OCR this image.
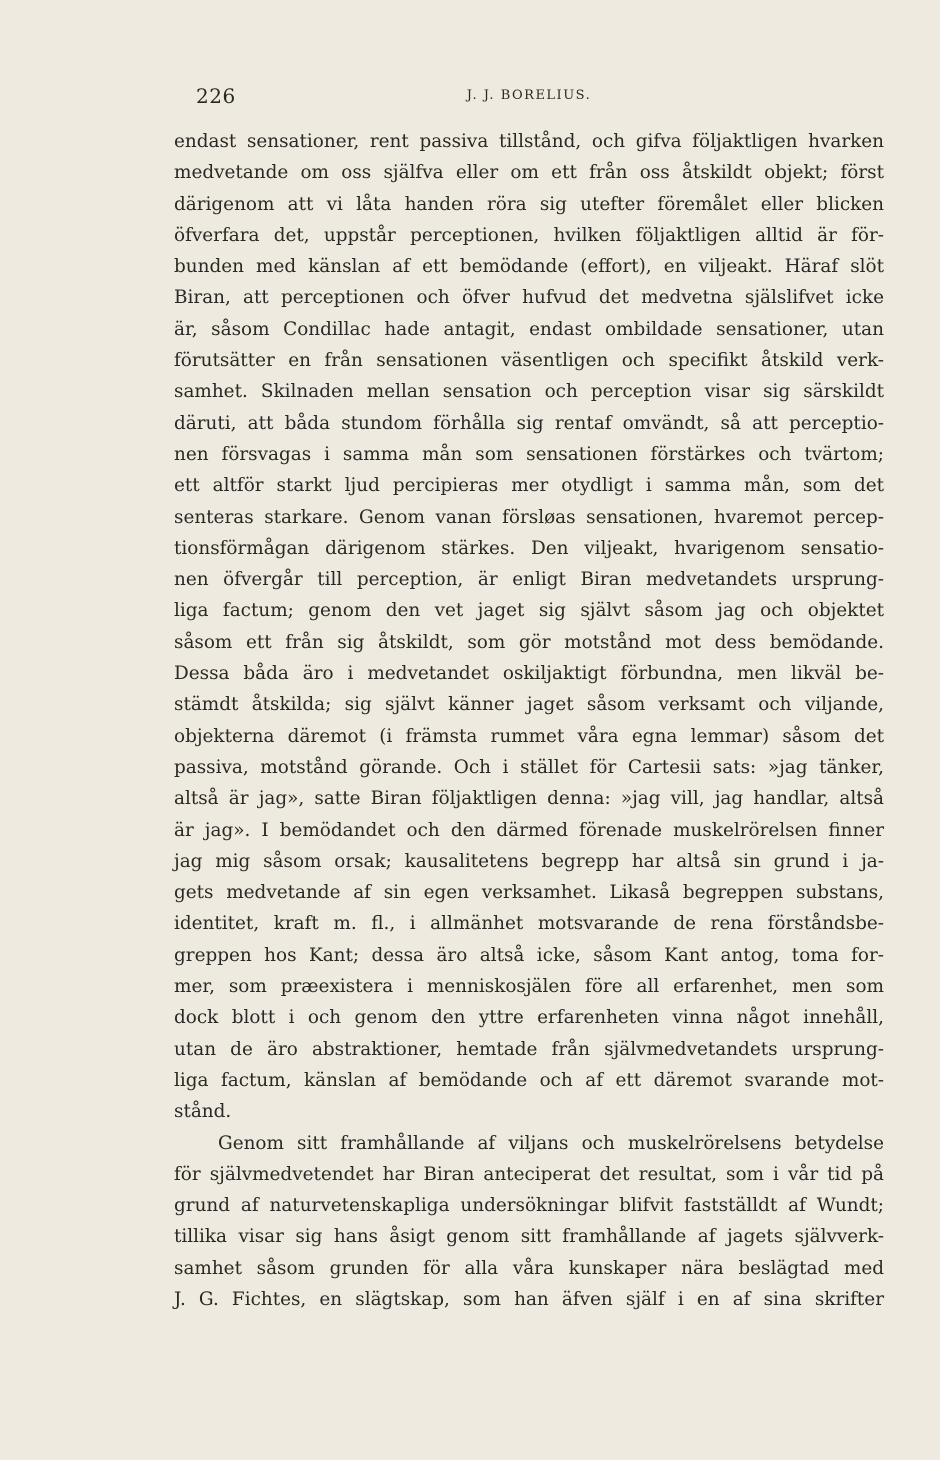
226	J. J. BORELIUS.
endast sensationer, rent passiva tillstånd, och gifva följaktligen hvarken
medvetande om oss själfva eller om ett från oss åtskildt objekt; först
därigenom att vi låta handen röra sig utefter föremålet eller blicken
öfverfara det, uppstår perceptionen, hvilken följaktligen alltid är för-
bunden med känslan af ett bemödande (effort), en viljeakt. Häraf slöt
Biran, att perceptionen och öfver hufvud det medvetna själslifvet icke
är, såsom Condillac hade antagit, endast ombildade sensationer, utan
förutsätter en från sensationen väsentligen och specifikt åtskild verk-
samhet. Skilnaden mellan sensation och perception visar sig särskildt
däruti, att båda stundom förhålla sig rentaf omvändt, så att perceptio-
nen försvagas i samma mån som sensationen förstärkes och tvärtom;
ett altför starkt ljud percipieras mer otydligt i samma mån, som det
senteras starkare. Genom vanan försløas sensationen, hvaremot percep-
tionsförmågan därigenom stärkes. Den viljeakt, hvarigenom sensatio-
nen öfvergår till perception, är enligt Biran medvetandets ursprung-
liga factum; genom den vet jaget sig självt såsom jag och objektet
såsom ett från sig åtskildt, som gör motstånd mot dess bemödande.
Dessa båda äro i medvetandet oskiljaktigt förbundna, men likväl be-
stämdt åtskilda; sig självt känner jaget såsom verksamt och viljande,
objekterna däremot (i främsta rummet våra egna lemmar) såsom det
passiva, motstånd görande. Och i stället för Cartesii sats: »jag tänker,
altså är jag», satte Biran följaktligen denna: »jag vill, jag handlar, altså
är jag». I bemödandet och den därmed förenade muskelrörelsen finner
jag mig såsom orsak; kausalitetens begrepp har altså sin grund i ja-
gets medvetande af sin egen verksamhet. Likaså begreppen substans,
identitet, kraft m. fl., i allmänhet motsvarande de rena förståndsbe-
greppen hos Kant; dessa äro altså icke, såsom Kant antog, toma for-
mer, som præexistera i menniskosjälen före all erfarenhet, men som
dock blott i och genom den yttre erfarenheten vinna något innehåll,
utan de äro abstraktioner, hemtade från självmedvetandets ursprung-
liga factum, känslan af bemödande och af ett däremot svarande mot-
stånd.
Genom sitt framhållande af viljans och muskelrörelsens betydelse
för självmedvetendet har Biran anteciperat det resultat, som i vår tid på
grund af naturvetenskapliga undersökningar blifvit fastställdt af Wundt;
tillika visar sig hans åsigt genom sitt framhållande af jagets självverk-
samhet såsom grunden för alla våra kunskaper nära beslägtad med
J. G. Fichtes, en slägtskap, som han äfven själf i en af sina skrifter
